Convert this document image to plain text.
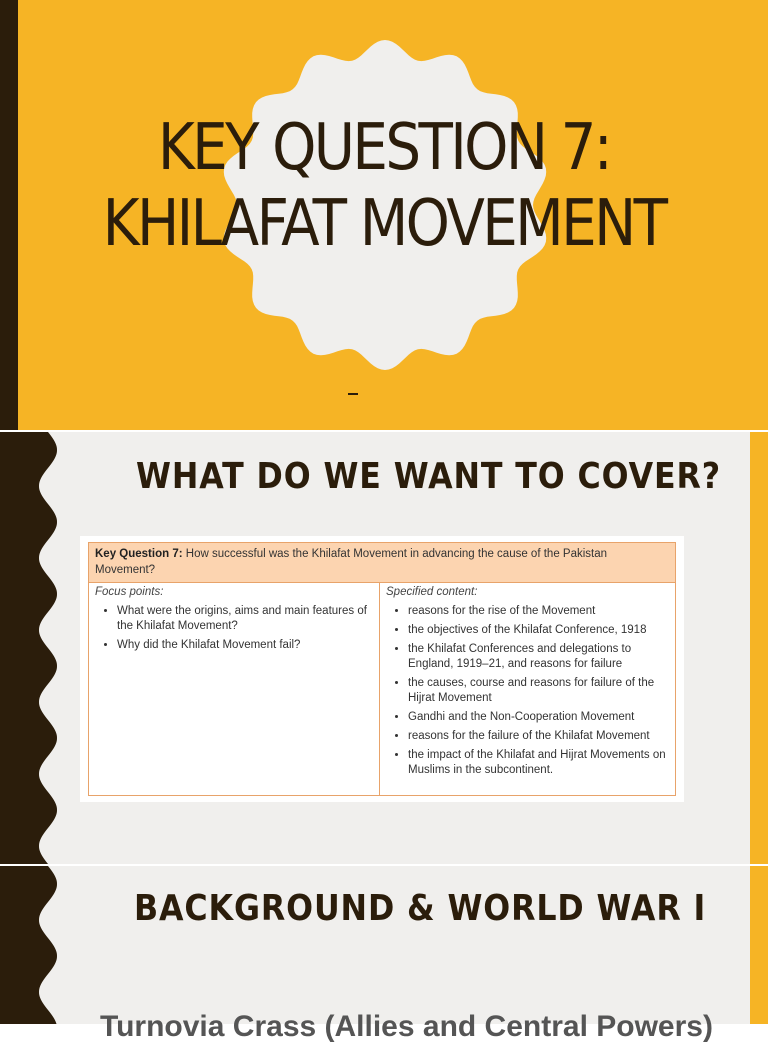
KEY QUESTION 7:
KHILAFAT MOVEMENT
WHAT DO WE WANT TO COVER?
Key Question 7: How successful was the Khilafat Movement in advancing the cause of the Pakistan Movement?

Focus points:
• What were the origins, aims and main features of the Khilafat Movement?
• Why did the Khilafat Movement fail?

Specified content:
• reasons for the rise of the Movement
• the objectives of the Khilafat Conference, 1918
• the Khilafat Conferences and delegations to England, 1919–21, and reasons for failure
• the causes, course and reasons for failure of the Hijrat Movement
• Gandhi and the Non-Cooperation Movement
• reasons for the failure of the Khilafat Movement
• the impact of the Khilafat and Hijrat Movements on Muslims in the subcontinent.
BACKGROUND & WORLD WAR I
Turnovia Crass (Allies and Central Powers)
